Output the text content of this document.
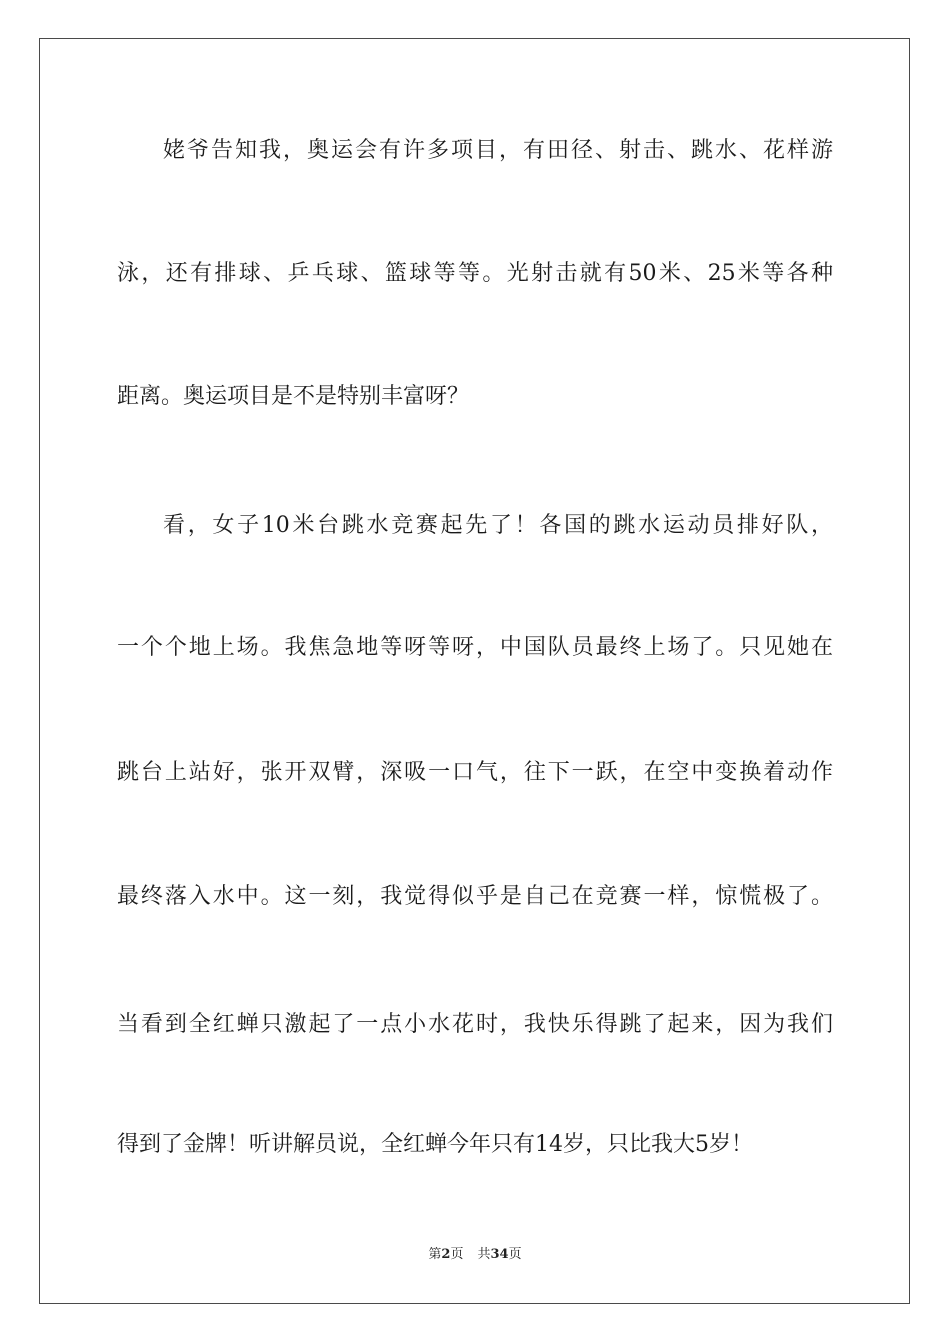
姥爷告知我，奥运会有许多项目，有田径、射击、跳水、花样游
泳，还有排球、乒乓球、篮球等等。光射击就有50米、25米等各种
距离。奥运项目是不是特别丰富呀？
看，女子10米台跳水竞赛起先了！各国的跳水运动员排好队，
一个个地上场。我焦急地等呀等呀，中国队员最终上场了。只见她在
跳台上站好，张开双臂，深吸一口气，往下一跃，在空中变换着动作
最终落入水中。这一刻，我觉得似乎是自己在竞赛一样，惊慌极了。
当看到全红蝉只激起了一点小水花时，我快乐得跳了起来，因为我们
得到了金牌！听讲解员说，全红蝉今年只有14岁，只比我大5岁！
第2页 共34页
